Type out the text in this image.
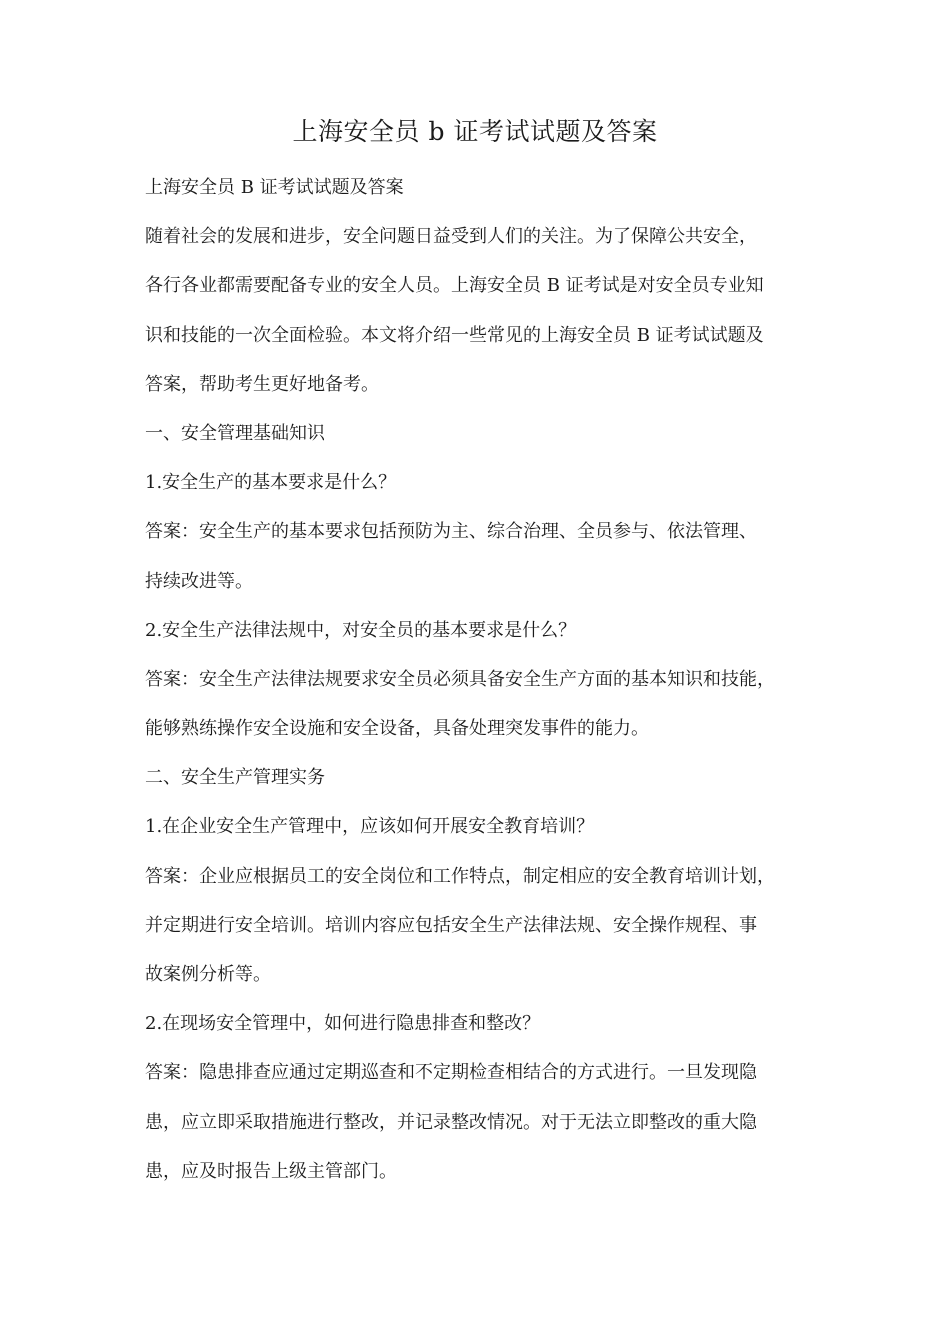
上海安全员 b 证考试试题及答案

上海安全员 B 证考试试题及答案

随着社会的发展和进步，安全问题日益受到人们的关注。为了保障公共安全，

各行各业都需要配备专业的安全人员。上海安全员 B 证考试是对安全员专业知

识和技能的一次全面检验。本文将介绍一些常见的上海安全员 B 证考试试题及

答案，帮助考生更好地备考。

一、安全管理基础知识

1.安全生产的基本要求是什么？

答案：安全生产的基本要求包括预防为主、综合治理、全员参与、依法管理、

持续改进等。

2.安全生产法律法规中，对安全员的基本要求是什么？

答案：安全生产法律法规要求安全员必须具备安全生产方面的基本知识和技能，

能够熟练操作安全设施和安全设备，具备处理突发事件的能力。

二、安全生产管理实务

1.在企业安全生产管理中，应该如何开展安全教育培训？

答案：企业应根据员工的安全岗位和工作特点，制定相应的安全教育培训计划，

并定期进行安全培训。培训内容应包括安全生产法律法规、安全操作规程、事

故案例分析等。

2.在现场安全管理中，如何进行隐患排查和整改？

答案：隐患排查应通过定期巡查和不定期检查相结合的方式进行。一旦发现隐

患，应立即采取措施进行整改，并记录整改情况。对于无法立即整改的重大隐

患，应及时报告上级主管部门。
